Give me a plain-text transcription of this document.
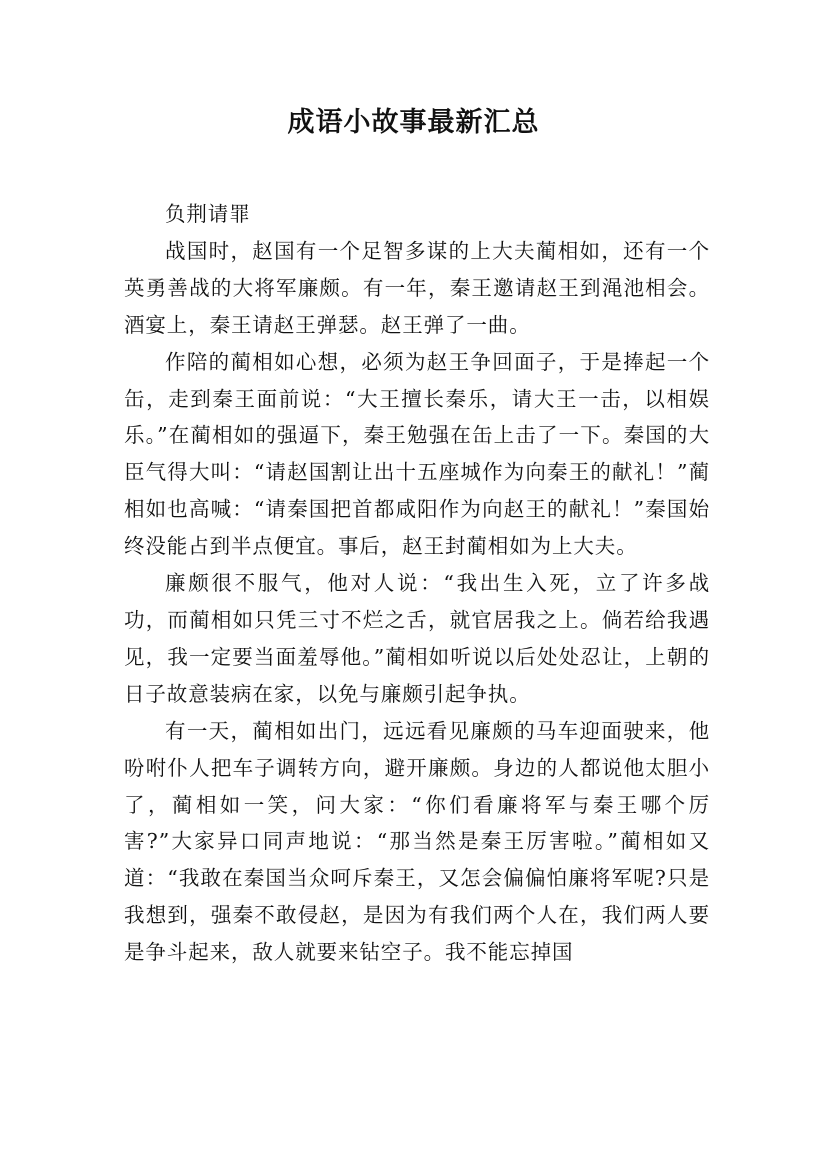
成语小故事最新汇总

负荆请罪

战国时，赵国有一个足智多谋的上大夫蔺相如，还有一个英勇善战的大将军廉颇。有一年，秦王邀请赵王到渑池相会。酒宴上，秦王请赵王弹瑟。赵王弹了一曲。

作陪的蔺相如心想，必须为赵王争回面子，于是捧起一个缶，走到秦王面前说：“大王擅长秦乐，请大王一击，以相娱乐。”在蔺相如的强逼下，秦王勉强在缶上击了一下。秦国的大臣气得大叫：“请赵国割让出十五座城作为向秦王的献礼！”蔺相如也高喊：“请秦国把首都咸阳作为向赵王的献礼！”秦国始终没能占到半点便宜。事后，赵王封蔺相如为上大夫。

廉颇很不服气，他对人说：“我出生入死，立了许多战功，而蔺相如只凭三寸不烂之舌，就官居我之上。倘若给我遇见，我一定要当面羞辱他。”蔺相如听说以后处处忍让，上朝的日子故意装病在家，以免与廉颇引起争执。

有一天，蔺相如出门，远远看见廉颇的马车迎面驶来，他吩咐仆人把车子调转方向，避开廉颇。身边的人都说他太胆小了，蔺相如一笑，问大家：“你们看廉将军与秦王哪个厉害?”大家异口同声地说：“那当然是秦王厉害啦。”蔺相如又道：“我敢在秦国当众呵斥秦王，又怎会偏偏怕廉将军呢?只是我想到，强秦不敢侵赵，是因为有我们两个人在，我们两人要是争斗起来，敌人就要来钻空子。我不能忘掉国
